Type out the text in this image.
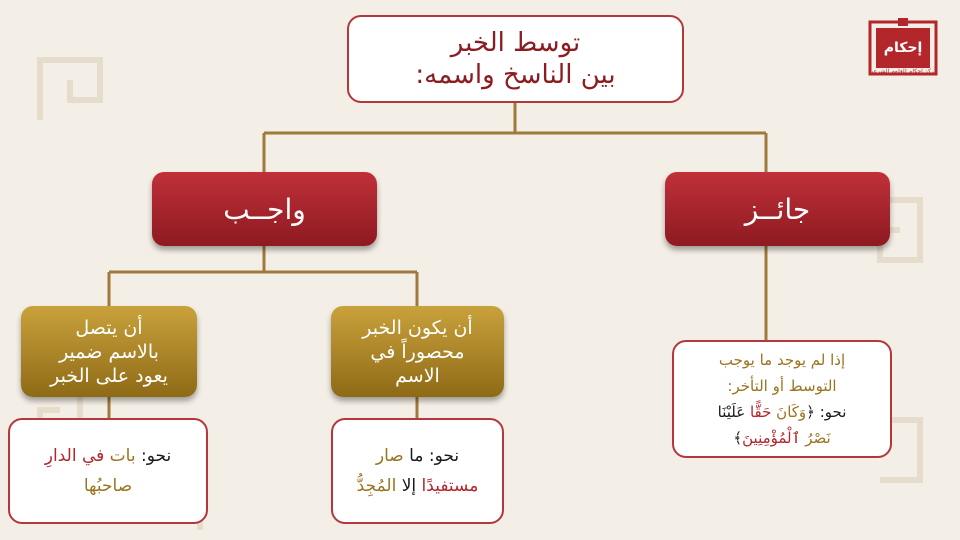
توسط الخبر
بين الناسخ واسمه:
واجــب	جائــز
أن يتصل
بالاسم ضمير
يعود على الخبر
أن يكون الخبر
محصوراً في
الاسم
نحو: بات في الدارِ
صاحبُها
نحو: ما صار
مستفيدًا إلا المُجِدُّ
إذا لم يوجد ما يوجب
التوسط أو التأخر:
نحو: ﴿وَكَانَ حَقًّا عَلَيْنَا
نَصْرُ ٱلْمُؤْمِنِينَ﴾
إحكام
مركز إحكام للعلوم الشرعية
